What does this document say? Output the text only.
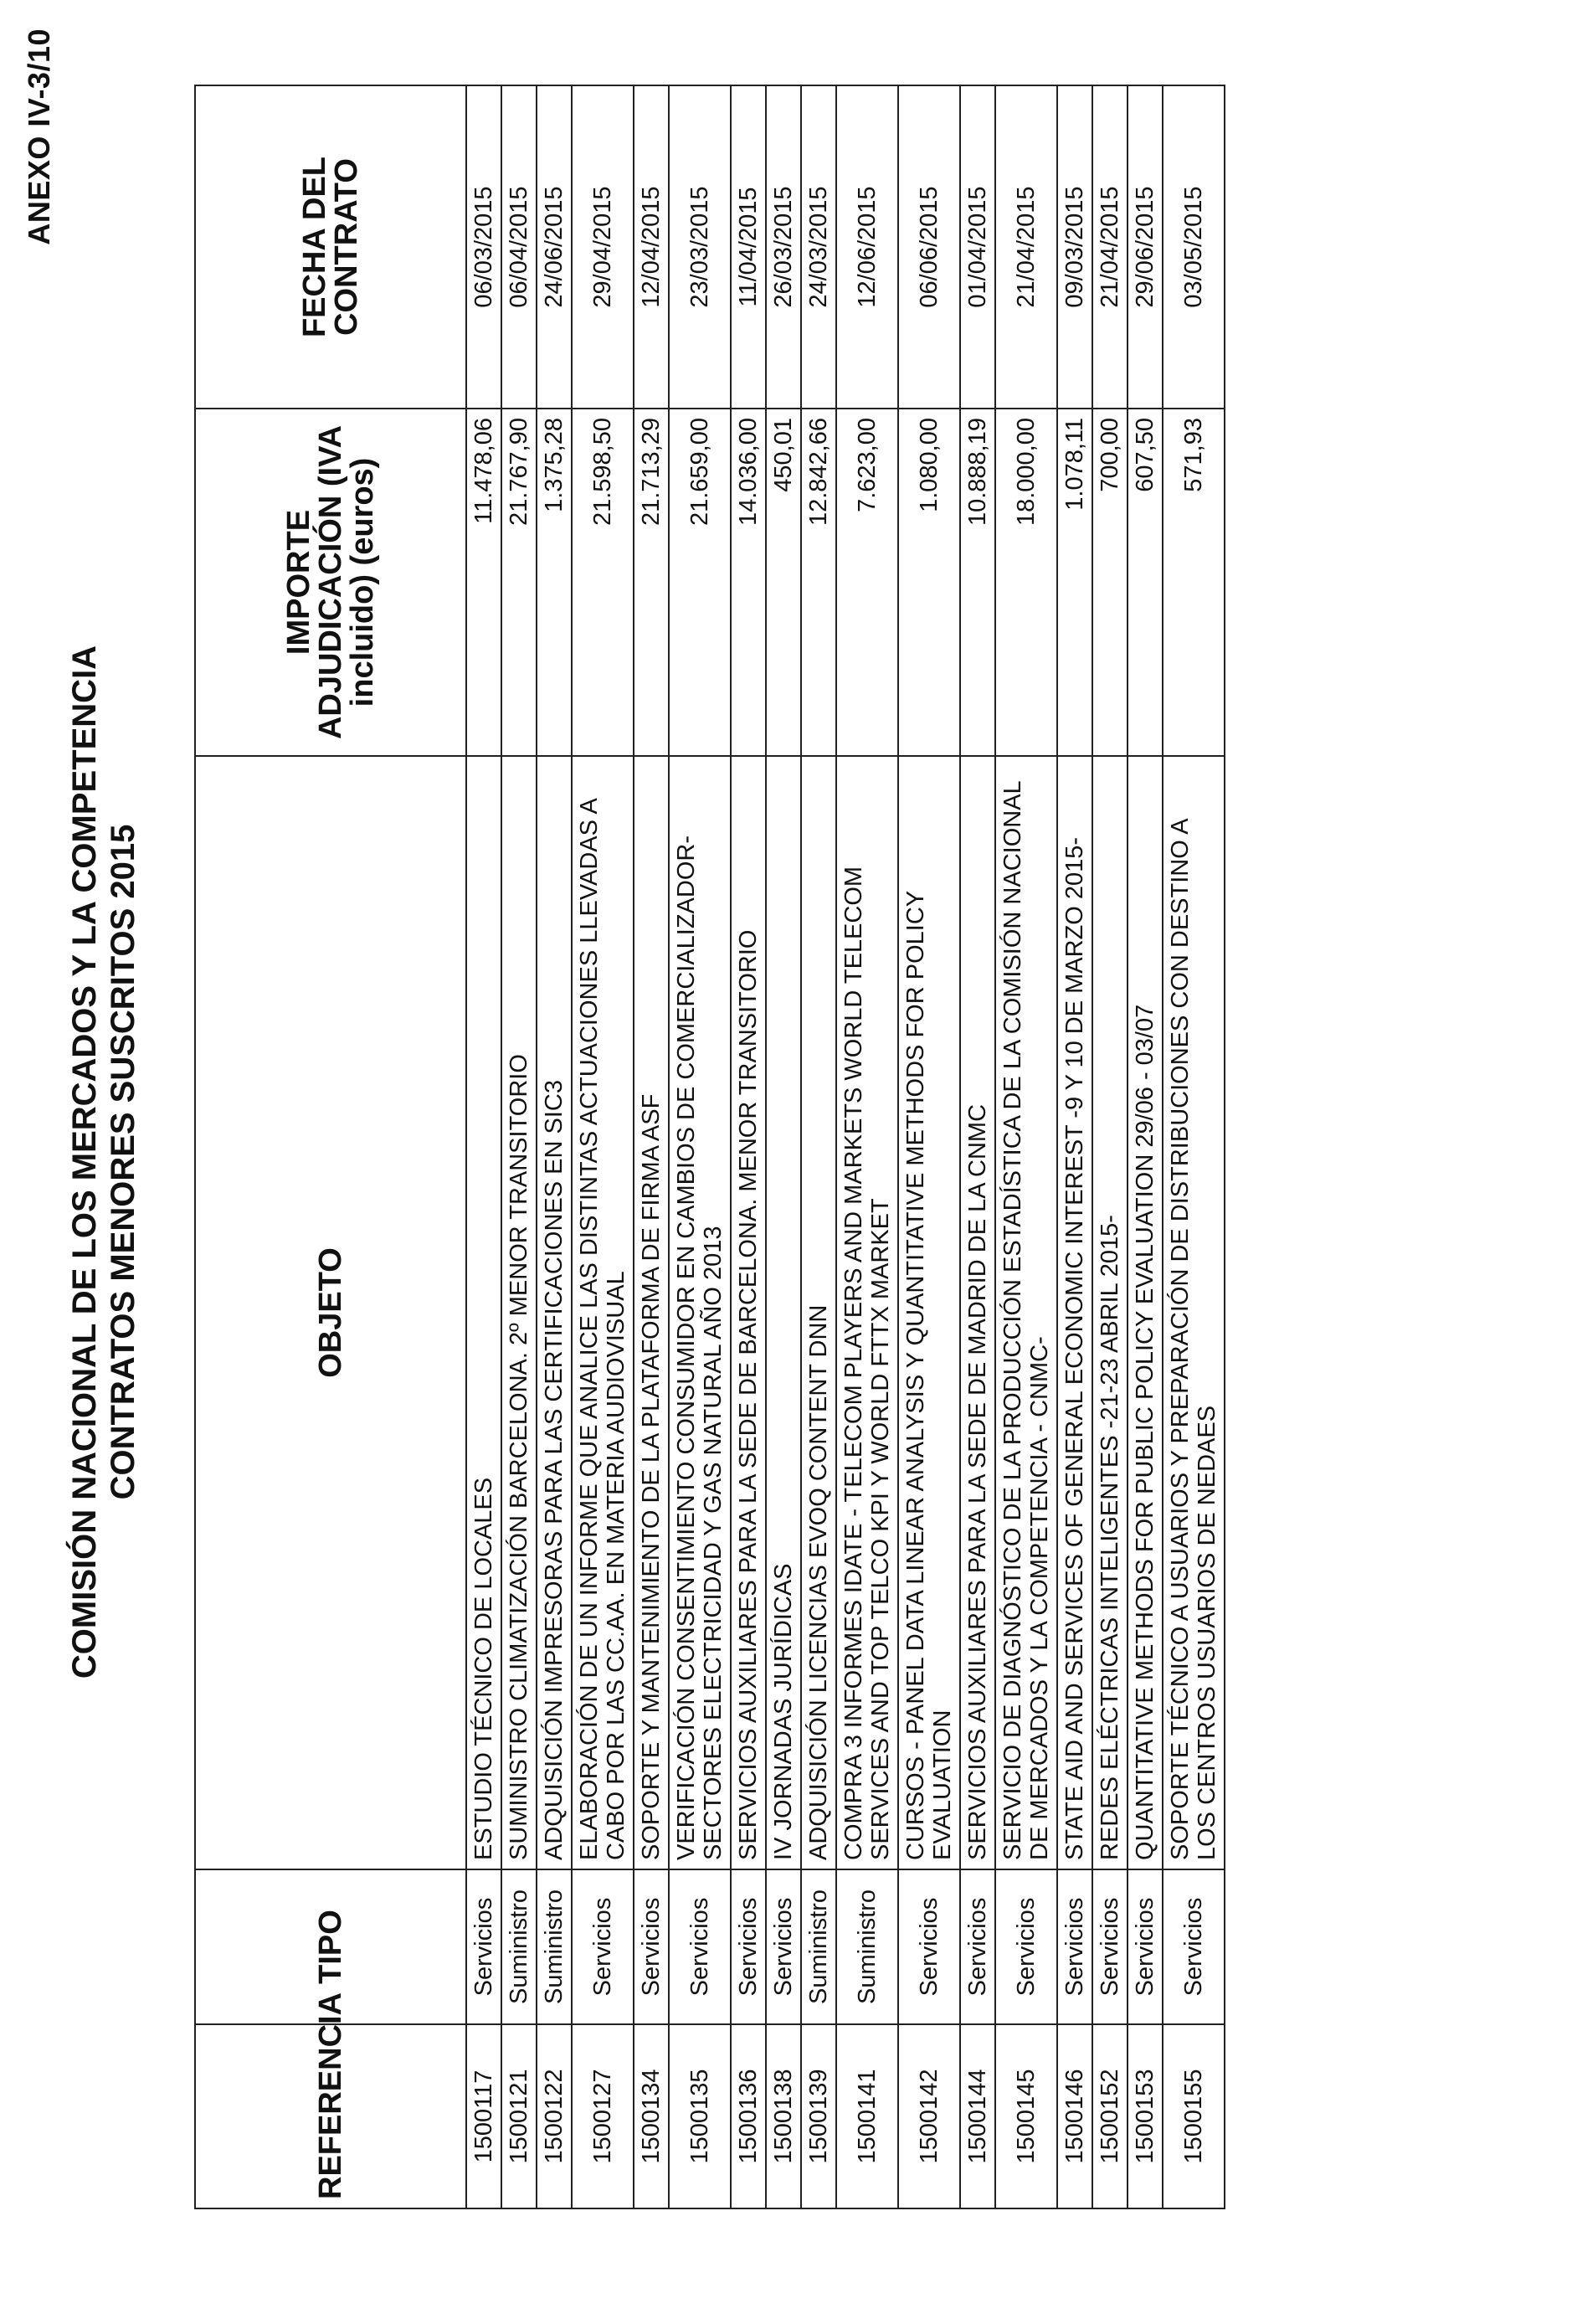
ANEXO IV-3/10
COMISIÓN NACIONAL DE LOS MERCADOS Y LA COMPETENCIA CONTRATOS MENORES SUSCRITOS 2015
REFERENCIA	TIPO	OBJETO	IMPORTE ADJUDICACIÓN (IVA incluido) (euros)	FECHA DEL CONTRATO
1500117	Servicios	ESTUDIO TÉCNICO DE LOCALES	11.478,06	06/03/2015
1500121	Suministro	SUMINISTRO CLIMATIZACIÓN BARCELONA. 2º MENOR TRANSITORIO	21.767,90	06/04/2015
1500122	Suministro	ADQUISICIÓN IMPRESORAS PARA LAS CERTIFICACIONES EN SIC3	1.375,28	24/06/2015
1500127	Servicios	ELABORACIÓN DE UN INFORME QUE ANALICE LAS DISTINTAS ACTUACIONES LLEVADAS A CABO POR LAS CC.AA. EN MATERIA AUDIOVISUAL	21.598,50	29/04/2015
1500134	Servicios	SOPORTE Y MANTENIMIENTO DE LA PLATAFORMA DE FIRMA ASF	21.713,29	12/04/2015
1500135	Servicios	VERIFICACIÓN CONSENTIMIENTO CONSUMIDOR EN CAMBIOS DE COMERCIALIZADOR-SECTORES ELECTRICIDAD Y GAS NATURAL AÑO 2013	21.659,00	23/03/2015
1500136	Servicios	SERVICIOS AUXILIARES PARA LA SEDE DE BARCELONA. MENOR TRANSITORIO	14.036,00	11/04/2015
1500138	Servicios	IV JORNADAS JURÍDICAS	450,01	26/03/2015
1500139	Suministro	ADQUISICIÓN LICENCIAS EVOQ CONTENT DNN	12.842,66	24/03/2015
1500141	Suministro	COMPRA 3 INFORMES IDATE - TELECOM PLAYERS AND MARKETS WORLD TELECOM SERVICES AND TOP TELCO KPI Y WORLD FTTX MARKET	7.623,00	12/06/2015
1500142	Servicios	CURSOS - PANEL DATA LINEAR ANALYSIS Y QUANTITATIVE METHODS FOR POLICY EVALUATION	1.080,00	06/06/2015
1500144	Servicios	SERVICIOS AUXILIARES PARA LA SEDE DE MADRID DE LA CNMC	10.888,19	01/04/2015
1500145	Servicios	SERVICIO DE DIAGNÓSTICO DE LA PRODUCCIÓN ESTADÍSTICA DE LA COMISIÓN NACIONAL DE MERCADOS Y LA COMPETENCIA - CNMC-	18.000,00	21/04/2015
1500146	Servicios	STATE AID AND SERVICES OF GENERAL ECONOMIC INTEREST -9 Y 10 DE MARZO 2015-	1.078,11	09/03/2015
1500152	Servicios	REDES ELÉCTRICAS INTELIGENTES -21-23 ABRIL 2015-	700,00	21/04/2015
1500153	Servicios	QUANTITATIVE METHODS FOR PUBLIC POLICY EVALUATION 29/06 - 03/07	607,50	29/06/2015
1500155	Servicios	SOPORTE TÉCNICO A USUARIOS Y PREPARACIÓN DE DISTRIBUCIONES CON DESTINO A LOS CENTROS USUARIOS DE NEDAES	571,93	03/05/2015
